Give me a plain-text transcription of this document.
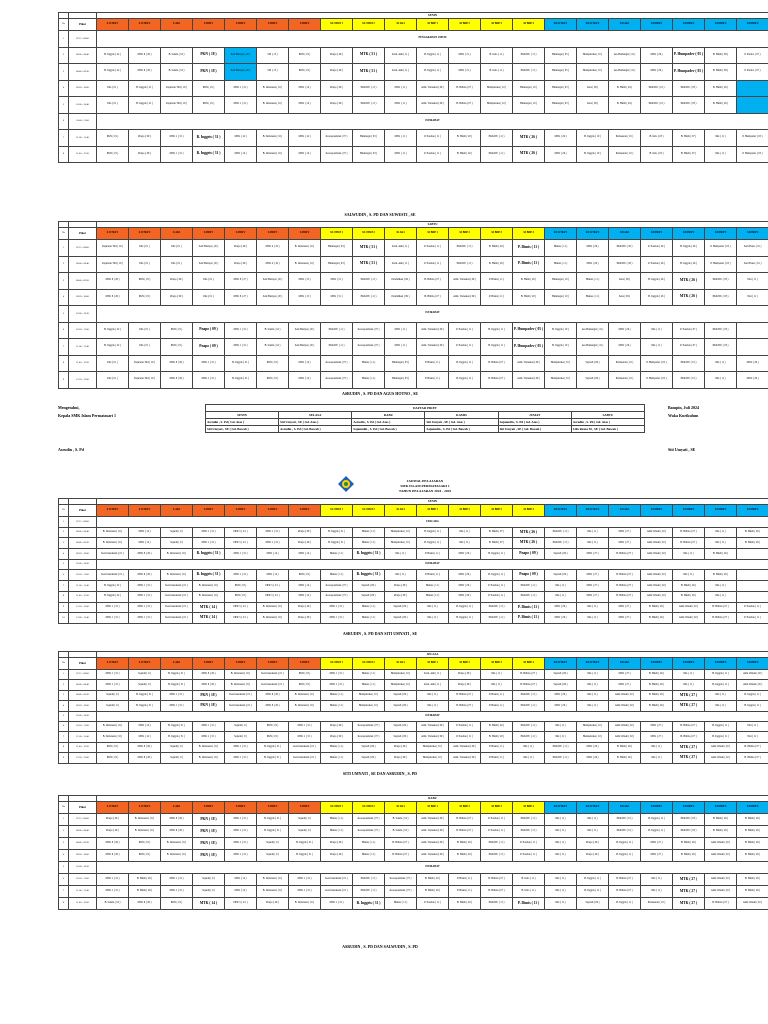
		SENIN																				
No	Piket	X OTKP 1	X OTKP 2	X AK1	X BDP 1	X BDP 2	X BDP 3	X BDP 4	XI OTKP 1	XI OTKP 2	XI AK1	XI BDP 1	XI BDP 2	XI BDP 3	XI BDP 4	XII OTKP 1	XII OTKP 2	XII AK1	XII BDP 1	XII BDP 2	XII BDP 3	XII BDP 4
1	07.15 - 08.00	PENGARAHAN UMUM																				
2	08.00 - 08.40	B. Inggris ( 22 )	MTK 8 ( 26 )	B. Sunda ( 16 )	PKN ( 18 )	Seni Budaya ( 20 )	SIS ( 15 )	PKN ( 18 )	Pnapo ( 09 )	MTK ( 51 )	Kom. Akh ( 11 )	B. Inggris ( 11 )	MTK ( 21 )	B. Indo ( 11 )	PKKWU ( 11 )	Humangat ( 05 )	Humputruka ( 10 )	Ass Humangat ( 10 )	MTK ( 26 )	P. Humpadev ( 05 )	B. Hindi ( 08 )	P. Parabo ( 07 )
3	08.40 - 09.20	B. Inggris ( 22 )	MTK 8 ( 26 )	B. Sunda ( 16 )	PKN ( 18 )	Seni Budaya ( 20 )	SIS ( 15 )	PKN ( 18 )	Pnapo ( 09 )	MTK ( 51 )	Kom. Akh ( 11 )	B. Inggris ( 11 )	MTK ( 21 )	B. Indo ( 11 )	PKKWU ( 11 )	Humangat ( 05 )	Humputruka ( 10 )	Ass Humangat ( 10 )	MTK ( 26 )	P. Humpadev ( 05 )	B. Hindi ( 08 )	P. Parabo ( 07 )
4	09.20 - 10.00	PAI ( 01 )	B. Inggris ( 21 )	Kejuruan TKI ( 19 )	PKN ( 19 )	MTK 1 ( 31 )	B. Indonesia ( 16 )	MTK ( 14 )	Pnapo ( 09 )	PKKWU ( 11 )	MTK ( 11 )	Adm. Transaksi ( 09 )	B. Hidina ( 07 )	Humputruka ( 10 )	Humangat ( 10 )	Humangat ( 05 )	Sena ( 09 )	B. Hindi ( 04 )	PKKWU ( 01 )	PKKWU ( 03 )	B. Hindi ( 26 )	
5	10.00 - 10.40	PAI ( 01 )	B. Inggris ( 21 )	Kejuruan TKI ( 19 )	PKN ( 19 )	MTK 1 ( 31 )	B. Indonesia ( 16 )	MTK ( 14 )	Pnapo ( 09 )	PKKWU ( 11 )	MTK ( 11 )	Adm. Transaksi ( 09 )	B. Hidina ( 07 )	Humputruka ( 10 )	Humangat ( 10 )	Humangat ( 05 )	Sena ( 09 )	B. Hindi ( 04 )	PKKWU ( 01 )	PKKWU ( 03 )	B. Hindi ( 26 )	
6	10.40 - 11.00	ISTIRAHAT																				
7	11.00 - 11.40	PKN ( 19 )	Pnapo ( 09 )	MTK 1 ( 31 )	B. Inggris ( 31 )	MTK ( 14 )	B. Indonesia ( 16 )	MTK ( 14 )	Korespondensi ( 07 )	Humangat ( 03 )	MTK ( 11 )	P. Pondok ( 11 )	B. Hindi ( 20 )	PKKWU ( 11 )	MTK ( 26 )	MTK ( 26 )	B. Inggris ( 10 )	Pemasaran ( 10 )	B. Indo ( 05 )	B. Hindi ( 07 )	PAI ( 11 )	P. Humpadev ( 05 )
8	11.40 - 12.20	PKN ( 19 )	Pnapo ( 09 )	MTK 1 ( 31 )	B. Inggris ( 31 )	MTK ( 14 )	B. Indonesia ( 16 )	MTK ( 14 )	Korespondensi ( 07 )	Humangat ( 03 )	MTK ( 11 )	P. Pondok ( 11 )	B. Hindi ( 20 )	PKKWU ( 11 )	MTK ( 26 )	MTK ( 26 )	B. Inggris ( 10 )	Pemasaran ( 10 )	B. Indo ( 05 )	B. Hindi ( 07 )	PAI ( 11 )	P. Humpadev ( 05 )
SALWUDIN , S. PD DAN SUWESTI , SE
		SABTU																				
No	Piket	X OTKP 1	X OTKP 2	X AK1	X BDP 1	X BDP 2	X BDP 3	X BDP 4	XI OTKP 1	XI OTKP 2	XI AK1	XI BDP 1	XI BDP 2	XI BDP 3	XI BDP 4	XII OTKP 1	XII OTKP 2	XII AK1	XII BDP 1	XII BDP 2	XII BDP 3	XII BDP 4
1	07.15 - 08.00	Kejuruan TKI ( 19 )	PAI ( 01 )	PAI ( 01 )	Seni Budaya ( 20 )	Pnapo ( 09 )	MTK 4 ( 19 )	B. Indonesia ( 16 )	Humangat ( 03 )	MTK ( 51 )	Kom. Akh ( 11 )	P. Pondok ( 11 )	PKKWU ( 11 )	B. Hindi ( 20 )	P. Bisnis ( 11 )	Humas ( 11 )	MTK ( 26 )	PKKWU ( 26 )	P. Pondok ( 26 )	B. Inggris ( 26 )	P. Humpadev ( 05 )	Seni Piano ( 01 )
2	08.00 - 08.40	Kejuruan TKI ( 19 )	PAI ( 01 )	PAI ( 01 )	Seni Budaya ( 20 )	Pnapo ( 09 )	MTK 4 ( 19 )	B. Indonesia ( 16 )	Humangat ( 03 )	MTK ( 51 )	Kom. Akh ( 11 )	P. Pondok ( 11 )	PKKWU ( 11 )	B. Hindi ( 20 )	P. Bisnis ( 11 )	Humas ( 11 )	MTK ( 26 )	PKKWU ( 26 )	P. Pondok ( 26 )	B. Inggris ( 26 )	P. Humpadev ( 05 )	Seni Piano ( 01 )
3	08.40 - 09.20	MTK 8 ( 26 )	PKN ( 18 )	Pnapo ( 09 )	PAI ( 01 )	MTK 8 ( 27 )	Seni Budaya ( 20 )	MTK ( 15 )	MTK ( 51 )	PKKWU ( 11 )	Pendidikan ( 09 )	B. Hidina ( 07 )	Adm. Transaksi ( 09 )	P. Bisnis ( 11 )	B. Hindi ( 20 )	Humangat ( 10 )	Humas ( 11 )	Sena ( 09 )	B. Inggris ( 26 )	MTK ( 26 )	PKKWU ( 03 )	PAI ( 11 )
4	09.20 - 10.00	MTK 8 ( 26 )	PKN ( 18 )	Pnapo ( 09 )	PAI ( 01 )	MTK 8 ( 27 )	Seni Budaya ( 20 )	MTK ( 15 )	MTK ( 51 )	PKKWU ( 11 )	Pendidikan ( 09 )	B. Hidina ( 07 )	Adm. Transaksi ( 09 )	P. Bisnis ( 11 )	B. Hindi ( 20 )	Humangat ( 10 )	Humas ( 11 )	Sena ( 09 )	B. Inggris ( 26 )	MTK ( 26 )	PKKWU ( 03 )	PAI ( 11 )
5	10.00 - 10.20	ISTIRAHAT																				
6	10.20 - 11.00	B. Inggris ( 22 )	PAI ( 01 )	PKN ( 19 )	Pnapo ( 09 )	MTK 1 ( 31 )	B. Sunda ( 16 )	Seni Budaya ( 20 )	PKKWU ( 11 )	Korespondensi ( 07 )	MTK ( 11 )	Adm. Transaksi ( 09 )	P. Pondok ( 11 )	B. Inggris ( 11 )	P. Humpadev ( 05 )	B. Inggris ( 10 )	Ass Humangat ( 10 )	MTK ( 26 )	PAI ( 11 )	P. Pondok ( 07 )	PKKWU ( 03 )	
7	11.00 - 11.40	B. Inggris ( 22 )	PAI ( 01 )	PKN ( 19 )	Pnapo ( 09 )	MTK 1 ( 31 )	B. Sunda ( 16 )	Seni Budaya ( 20 )	PKKWU ( 11 )	Korespondensi ( 07 )	MTK ( 11 )	Adm. Transaksi ( 09 )	P. Pondok ( 11 )	B. Inggris ( 11 )	P. Humpadev ( 05 )	B. Inggris ( 10 )	Ass Humangat ( 10 )	MTK ( 26 )	PAI ( 11 )	P. Pondok ( 07 )	PKKWU ( 03 )	
8	11.40 - 12.20	PAI ( 01 )	Kejuruan TKI ( 19 )	MTK 8 ( 26 )	MTK 1 ( 31 )	B. Inggris ( 31 )	PKN ( 18 )	MTK ( 14 )	Korespondensi ( 07 )	Humas ( 11 )	Humangat ( 03 )	P. Bisnis ( 11 )	B. Inggris ( 11 )	B. Hidina ( 07 )	Adm. Transaksi ( 09 )	Humputruka ( 10 )	Sejarah ( 09 )	Pemasaran ( 10 )	P. Humpadev ( 05 )	PKKWU ( 01 )	PAI ( 11 )	MTK ( 26 )
9	12.20 - 13.00	PAI ( 01 )	Kejuruan TKI ( 19 )	MTK 8 ( 26 )	MTK 1 ( 31 )	B. Inggris ( 31 )	PKN ( 18 )	MTK ( 14 )	Korespondensi ( 07 )	Humas ( 11 )	Humangat ( 03 )	P. Bisnis ( 11 )	B. Inggris ( 11 )	B. Hidina ( 07 )	Adm. Transaksi ( 09 )	Humputruka ( 10 )	Sejarah ( 09 )	Pemasaran ( 10 )	P. Humpadev ( 05 )	PKKWU ( 01 )	PAI ( 11 )	MTK ( 26 )
ASRUDIN , S. PD DAN AGUS HOTNO , SE
Mengetahui,
Kepala SMK Islam Permatasari 1
Asrudin , S. Pd
Bampin, Juli 2024
Waka Kurikulum
Siti Umyati , SE
DAFTAR PIKET					
SENIN	SELASA	RABU	KAMIS	JUMAT	SABTU
Asrudin , S. Pd ( Gd. Atas )	Siti Umyati , SE ( Gd. Atas )	Asrudin , S. Pd ( Gd. Atas )	Siti Umyati , SE ( Gd. Atas )	Sajanudin , S. Pd ( Gd. Atas )	Asrudin , S. Pd ( Gd. Atas )
Siti Umyati , SE ( Gd. Bawah )	Asrudin , S. Pd ( Gd. Bawah )	Sajanudin , S. Pd ( Gd. Bawah )	Sajanudin , S. Pd ( Gd. Bawah )	Siti Umyati , SE ( Gd. Bawah )	Lilis Resna M , SE ( Gd. Bawah )
JADWAL PELAJARAN
SMK ISLAM PERMATASARI 1
TAHUN PELAJARAN 2024 - 2025
		SENIN																				
No	Piket	X OTKP 1	X OTKP 2	X AK1	X BDP 1	X BDP 2	X BDP 3	X BDP 4	XI OTKP 1	XI OTKP 2	XI AK1	XI BDP 1	XI BDP 2	XI BDP 3	XI BDP 4	XII OTKP 1	XII OTKP 2	XII AK1	XII BDP 1	XII BDP 2	XII BDP 3	XII BDP 4
1	07.15 - 08.00	UPACARA																				
2	08.00 - 08.40	B. Indonesia ( 16 )	MTK ( 14 )	Sejarah ( 9 )	MTK 1 ( 31 )	DPK 5 ( 2/1 )	MTK 1 ( 31 )	Pnapo ( 09 )	B. Inggris ( 31 )	Humas ( 11 )	Humputruka ( 10 )	B. Inggris ( 11 )	PAI ( 11 )	B. Hindi ( 07 )	MTK ( 26 )	PKKWU ( 11 )	PAI ( 11 )	MTK ( 27 )	Adm Umum ( 02 )	B. Hidina ( 07 )	PAI ( 11 )	B. Hindi ( 26 )
3	08.40 - 09.20	B. Indonesia ( 16 )	MTK ( 14 )	Sejarah ( 9 )	MTK 1 ( 31 )	DPK 5 ( 2/1 )	MTK 1 ( 31 )	Pnapo ( 09 )	B. Inggris ( 31 )	Humas ( 11 )	Humputruka ( 10 )	B. Inggris ( 11 )	PAI ( 11 )	B. Hindi ( 07 )	MTK ( 26 )	PKKWU ( 11 )	PAI ( 11 )	MTK ( 27 )	Adm Umum ( 02 )	B. Hidina ( 07 )	PAI ( 11 )	B. Hindi ( 26 )
4	09.20 - 10.00	Kewirausahaan ( 01 )	MTK 8 ( 26 )	B. Indonesia ( 16 )	B. Inggris ( 31 )	MTK 1 ( 31 )	MTK ( 14 )	MTK ( 14 )	Humas ( 11 )	B. Inggris ( 31 )	PAI ( 11 )	P. Bisnis ( 11 )	MTK ( 26 )	B. Inggris ( 11 )	Pnapo ( 09 )	Sejarah ( 09 )	MTK ( 27 )	B. Hidina ( 07 )	Adm Umum ( 02 )	PAI ( 11 )	B. Hindi ( 26 )	
5	10.00 - 10.20	ISTIRAHAT																				
6	10.20 - 11.00	Kewirausahaan ( 01 )	MTK 8 ( 26 )	B. Indonesia ( 16 )	B. Inggris ( 31 )	MTK 1 ( 31 )	MTK ( 14 )	PKN ( 18 )	Humas ( 11 )	B. Inggris ( 31 )	PAI ( 11 )	P. Bisnis ( 11 )	MTK ( 26 )	B. Inggris ( 11 )	Pnapo ( 09 )	Sejarah ( 09 )	MTK ( 27 )	B. Hidina ( 07 )	Adm Umum ( 02 )	PAI ( 11 )	B. Hindi ( 26 )	
7	11.00 - 11.40	B. Inggris ( 22 )	MTK 1 ( 31 )	Kewirausahaan ( 01 )	B. Indonesia ( 16 )	PKN ( 18 )	DPK 5 ( 2/1 )	MTK ( 14 )	Korespondensi ( 07 )	Sejarah ( 09 )	Pnapo ( 09 )	Humas ( 11 )	MTK ( 26 )	P. Pondok ( 11 )	PKKWU ( 11 )	PAI ( 11 )	MTK ( 27 )	B. Hidina ( 07 )	Adm Umum ( 02 )	B. Hindi ( 26 )	PAI ( 11 )	
8	11.40 - 12.20	B. Inggris ( 22 )	MTK 1 ( 31 )	Kewirausahaan ( 01 )	B. Indonesia ( 16 )	PKN ( 18 )	DPK 5 ( 2/1 )	MTK ( 14 )	Korespondensi ( 07 )	Sejarah ( 09 )	Pnapo ( 09 )	Humas ( 11 )	MTK ( 26 )	P. Pondok ( 11 )	PKKWU ( 11 )	PAI ( 11 )	MTK ( 27 )	B. Hidina ( 07 )	Adm Umum ( 02 )	B. Hindi ( 26 )	PAI ( 11 )	
9	12.20 - 13.00	MTK 1 ( 31 )	MTK 1 ( 31 )	Kewirausahaan ( 01 )	MTK ( 14 )	DPK 5 ( 2/1 )	B. Indonesia ( 16 )	Pnapo ( 09 )	MTK 1 ( 31 )	Humas ( 11 )	Sejarah ( 09 )	PAI ( 11 )	B. Inggris ( 11 )	PKKWU ( 11 )	P. Bisnis ( 11 )	MTK ( 26 )	PAI ( 11 )	MTK ( 27 )	B. Hindi ( 26 )	Adm Umum ( 02 )	B. Hidina ( 07 )	P. Pondok ( 11 )
10	13.00 - 13.40	MTK 1 ( 31 )	MTK 1 ( 31 )	Kewirausahaan ( 01 )	MTK ( 14 )	DPK 5 ( 2/1 )	B. Indonesia ( 16 )	Pnapo ( 09 )	MTK 1 ( 31 )	Humas ( 11 )	Sejarah ( 09 )	PAI ( 11 )	B. Inggris ( 11 )	PKKWU ( 11 )	P. Bisnis ( 11 )	MTK ( 26 )	PAI ( 11 )	MTK ( 27 )	B. Hindi ( 26 )	Adm Umum ( 02 )	B. Hidina ( 07 )	P. Pondok ( 11 )
ASRUDIN , S. PD DAN SITI UMYATI , SE
		SELASA																				
No	Piket	X OTKP 1	X OTKP 2	X AK1	X BDP 1	X BDP 2	X BDP 3	X BDP 4	XI OTKP 1	XI OTKP 2	XI AK1	XI BDP 1	XI BDP 2	XI BDP 3	XI BDP 4	XII OTKP 1	XII OTKP 2	XII AK1	XII BDP 1	XII BDP 2	XII BDP 3	XII BDP 4
1	07.15 - 08.00	MTK 1 ( 31 )	Sejarah ( 9 )	B. Inggris ( 31 )	MTK 8 ( 26 )	B. Indonesia ( 16 )	Kewirausahaan ( 01 )	PKN ( 18 )	MTK 1 ( 31 )	Humas ( 11 )	Humputruka ( 10 )	Kom. Akh ( 11 )	Pnapo ( 09 )	PAI ( 11 )	B. Hidina ( 07 )	Sejarah ( 09 )	PAI ( 11 )	MTK ( 27 )	B. Hindi ( 26 )	PAI ( 11 )	B. Inggris ( 11 )	Adm Umum ( 02 )
2	08.00 - 08.40	MTK 1 ( 31 )	Sejarah ( 9 )	B. Inggris ( 31 )	MTK 8 ( 26 )	B. Indonesia ( 16 )	Kewirausahaan ( 01 )	PKN ( 18 )	MTK 1 ( 31 )	Humas ( 11 )	Humputruka ( 10 )	Kom. Akh ( 11 )	Pnapo ( 09 )	PAI ( 11 )	B. Hidina ( 07 )	Sejarah ( 09 )	PAI ( 11 )	MTK ( 27 )	B. Hindi ( 26 )	PAI ( 11 )	B. Inggris ( 11 )	Adm Umum ( 02 )
3	08.40 - 09.20	Sejarah ( 9 )	B. Inggris ( 31 )	MTK 1 ( 31 )	PKN ( 18 )	Kewirausahaan ( 01 )	MTK 8 ( 26 )	B. Indonesia ( 16 )	Humas ( 11 )	Humputruka ( 10 )	Sejarah ( 09 )	PAI ( 11 )	B. Hidina ( 07 )	P. Bisnis ( 11 )	PKKWU ( 11 )	MTK ( 26 )	PAI ( 11 )	Adm Umum ( 02 )	B. Hindi ( 26 )	MTK ( 27 )	PAI ( 11 )	B. Inggris ( 11 )
4	09.20 - 10.00	Sejarah ( 9 )	B. Inggris ( 31 )	MTK 1 ( 31 )	PKN ( 18 )	Kewirausahaan ( 01 )	MTK 8 ( 26 )	B. Indonesia ( 16 )	Humas ( 11 )	Humputruka ( 10 )	Sejarah ( 09 )	PAI ( 11 )	B. Hidina ( 07 )	P. Bisnis ( 11 )	PKKWU ( 11 )	MTK ( 26 )	PAI ( 11 )	Adm Umum ( 02 )	B. Hindi ( 26 )	MTK ( 27 )	PAI ( 11 )	B. Inggris ( 11 )
5	10.00 - 10.20	ISTIRAHAT																				
6	10.20 - 11.00	B. Indonesia ( 16 )	MTK ( 14 )	B. Inggris ( 31 )	MTK 1 ( 31 )	Sejarah ( 9 )	PKN ( 18 )	MTK 1 ( 31 )	Pnapo ( 09 )	Korespondensi ( 07 )	Sejarah ( 09 )	Adm. Transaksi ( 09 )	P. Pondok ( 11 )	B. Hindi ( 20 )	PKKWU ( 11 )	PAI ( 11 )	Humputruka ( 10 )	Adm Umum ( 02 )	MTK ( 27 )	B. Hidina ( 07 )	B. Inggris ( 11 )	PAI ( 11 )
7	11.00 - 11.40	B. Indonesia ( 16 )	MTK ( 14 )	B. Inggris ( 31 )	MTK 1 ( 31 )	Sejarah ( 9 )	PKN ( 18 )	MTK 1 ( 31 )	Pnapo ( 09 )	Korespondensi ( 07 )	Sejarah ( 09 )	Adm. Transaksi ( 09 )	P. Pondok ( 11 )	B. Hindi ( 20 )	PKKWU ( 11 )	PAI ( 11 )	Humputruka ( 10 )	Adm Umum ( 02 )	MTK ( 27 )	B. Hidina ( 07 )	B. Inggris ( 11 )	PAI ( 11 )
8	11.40 - 12.20	PKN ( 18 )	MTK 8 ( 26 )	Sejarah ( 9 )	B. Indonesia ( 16 )	MTK 1 ( 31 )	B. Inggris ( 31 )	Kewirausahaan ( 01 )	Humas ( 11 )	Sejarah ( 09 )	Pnapo ( 09 )	Humputruka ( 10 )	Adm. Transaksi ( 09 )	P. Bisnis ( 11 )	PAI ( 11 )	PKKWU ( 11 )	MTK ( 26 )	B. Hindi ( 26 )	PAI ( 11 )	MTK ( 27 )	Adm Umum ( 02 )	B. Hidina ( 07 )
9	12.20 - 13.00	PKN ( 18 )	MTK 8 ( 26 )	Sejarah ( 9 )	B. Indonesia ( 16 )	MTK 1 ( 31 )	B. Inggris ( 31 )	Kewirausahaan ( 01 )	Humas ( 11 )	Sejarah ( 09 )	Pnapo ( 09 )	Humputruka ( 10 )	Adm. Transaksi ( 09 )	P. Bisnis ( 11 )	PAI ( 11 )	PKKWU ( 11 )	MTK ( 26 )	B. Hindi ( 26 )	PAI ( 11 )	MTK ( 27 )	Adm Umum ( 02 )	B. Hidina ( 07 )
SITI UMYATI , SE DAN ASRUDIN , S. PD
		RABU																				
No	Piket	X OTKP 1	X OTKP 2	X AK1	X BDP 1	X BDP 2	X BDP 3	X BDP 4	XI OTKP 1	XI OTKP 2	XI AK1	XI BDP 1	XI BDP 2	XI BDP 3	XI BDP 4	XII OTKP 1	XII OTKP 2	XII AK1	XII BDP 1	XII BDP 2	XII BDP 3	XII BDP 4
1	07.15 - 08.00	Pnapo ( 09 )	B. Indonesia ( 16 )	MTK 8 ( 26 )	PKN ( 18 )	MTK 1 ( 31 )	B. Inggris ( 31 )	Sejarah ( 9 )	Humas ( 11 )	Korespondensi ( 07 )	B. Sunda ( 16 )	Adm. Transaksi ( 09 )	B. Hidina ( 07 )	P. Pondok ( 11 )	PKKWU ( 11 )	PAI ( 11 )	PAI ( 11 )	PKKWU ( 01 )	B. Inggris ( 11 )	PKKWU ( 03 )	B. Hindi ( 26 )	B. Hindi ( 26 )
2	08.00 - 08.40	Pnapo ( 09 )	B. Indonesia ( 16 )	MTK 8 ( 26 )	PKN ( 18 )	MTK 1 ( 31 )	B. Inggris ( 31 )	Sejarah ( 9 )	Humas ( 11 )	Korespondensi ( 07 )	B. Sunda ( 16 )	Adm. Transaksi ( 09 )	B. Hidina ( 07 )	P. Pondok ( 11 )	PKKWU ( 11 )	PAI ( 11 )	PAI ( 11 )	PKKWU ( 01 )	B. Inggris ( 11 )	PKKWU ( 03 )	B. Hindi ( 26 )	B. Hindi ( 26 )
3	08.40 - 09.20	MTK 8 ( 26 )	PKN ( 18 )	B. Indonesia ( 16 )	PKN ( 18 )	MTK 1 ( 31 )	Sejarah ( 9 )	B. Inggris ( 31 )	Pnapo ( 09 )	Humas ( 11 )	B. Hidina ( 07 )	Adm. Transaksi ( 09 )	B. Hindi ( 20 )	PKKWU ( 11 )	P. Pondok ( 11 )	PAI ( 11 )	Pnapo ( 09 )	B. Inggris ( 11 )	MTK ( 27 )	B. Hindi ( 26 )	Adm Umum ( 02 )	B. Hindi ( 26 )
4	09.20 - 10.00	MTK 8 ( 26 )	PKN ( 18 )	B. Indonesia ( 16 )	PKN ( 18 )	MTK 1 ( 31 )	Sejarah ( 9 )	B. Inggris ( 31 )	Pnapo ( 09 )	Humas ( 11 )	B. Hidina ( 07 )	Adm. Transaksi ( 09 )	B. Hindi ( 20 )	PKKWU ( 11 )	P. Pondok ( 11 )	PAI ( 11 )	Pnapo ( 09 )	B. Inggris ( 11 )	MTK ( 27 )	B. Hindi ( 26 )	Adm Umum ( 02 )	B. Hindi ( 26 )
5	10.00 - 10.20	ISTIRAHAT																				
6	10.20 - 11.00	MTK 1 ( 31 )	B. Hindi ( 26 )	MTK 1 ( 31 )	Sejarah ( 9 )	MTK ( 14 )	B. Indonesia ( 16 )	MTK 1 ( 31 )	Kewirausahaan ( 01 )	PKKWU ( 11 )	Korespondensi ( 07 )	B. Hindi ( 20 )	P. Bisnis ( 11 )	B. Hidina ( 07 )	B. Indo ( 11 )	PAI ( 11 )	B. Inggris ( 11 )	B. Hidina ( 07 )	PAI ( 11 )	MTK ( 27 )	Adm Umum ( 02 )	B. Hindi ( 26 )
7	11.00 - 11.40	MTK 1 ( 31 )	B. Hindi ( 26 )	MTK 1 ( 31 )	Sejarah ( 9 )	MTK ( 14 )	B. Indonesia ( 16 )	MTK 1 ( 31 )	Kewirausahaan ( 01 )	PKKWU ( 11 )	Korespondensi ( 07 )	B. Hindi ( 20 )	P. Bisnis ( 11 )	B. Hidina ( 07 )	B. Indo ( 11 )	PAI ( 11 )	B. Inggris ( 11 )	B. Hidina ( 07 )	PAI ( 11 )	MTK ( 27 )	Adm Umum ( 02 )	B. Hindi ( 26 )
8	11.40 - 12.20	B. Sunda ( 16 )	MTK 8 ( 26 )	PKN ( 18 )	MTK ( 14 )	DPK 5 ( 2/1 )	Pnapo ( 09 )	B. Indonesia ( 16 )	MTK 1 ( 31 )	B. Inggris ( 31 )	Humas ( 11 )	P. Pondok ( 11 )	B. Hindi ( 20 )	PKKWU ( 11 )	P. Bisnis ( 11 )	PAI ( 11 )	Sejarah ( 09 )	B. Inggris ( 11 )	Pemasaran ( 10 )	MTK ( 27 )	B. Hidina ( 07 )	Adm Umum ( 02 )
ASRUDIN , S. PD DAN SALWUDIN , S. PD
